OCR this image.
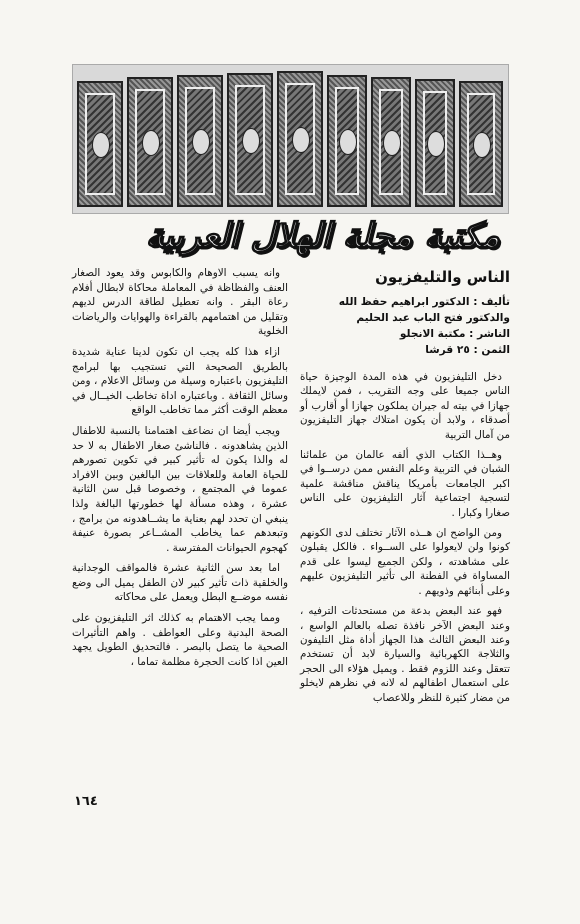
مكتبة مجلة الهلال العربية
الناس والتليفزيون
تأليف : الدكتور ابراهيم حفظ الله
والدكتور فتح الباب عبد الحليم
الناشر : مكتبة الانجلو
الثمن : ٢٥ قرشا

دخل التليفزيون في هذه المدة الوجيزة حياة الناس جميعا على وجه التقريب ، فمن لايملك جهازا في بيته له جيران يملكون جهازا أو أقارب أو أصدقاء ، ولابد أن يكون امتلاك جهاز التليفزيون من آمال التربية

وهــذا الكتاب الذي ألفه عالمان من علمائنا الشبان في التربية وعلم النفس ممن درســوا في اكبر الجامعات بأمريكا يناقش مناقشة علمية لتسجية اجتماعية آثار التليفزيون على الناس صغارا وكبارا .

ومن الواضح ان هــذه الآثار تختلف لدى الكونهم كونوا ولن لايعولوا على الســواء . فالكل يقبلون على مشاهدته ، ولكن الجميع ليسوا على قدم المساواة في الفطنة الى تأثير التليفزيون عليهم وعلى أبنائهم وذويهم .

فهو عند البعض بدعة من مستحدثات الترفيه ، وعند البعض الآخر نافذة تصله بالعالم الواسع ، وعند البعض الثالث هذا الجهاز أداة مثل التليفون والثلاجة الكهربائية والسيارة لابد أن تستخدم تتعقل وعند اللزوم فقط . ويميل هؤلاء الى الحجر على استعمال اطفالهم له لانه في نظرهم لايخلو من مضار كثيرة للنظر وللاعصاب

وانه يسبب الاوهام والكابوس وقد يعود الصغار العنف والفظاظة في المعاملة محاكاة لابطال أفلام رعاة البقر . وانه تعطيل لطاقة الدرس لديهم وتقليل من اهتمامهم بالقراءة والهوايات والرياضات الخلوية

ازاء هذا كله يجب ان تكون لدينا عناية شديدة بالطريق الصحيحة التي تستجيب بها لبرامج التليفزيون باعتباره وسيلة من وسائل الاعلام ، ومن وسائل الثقافة . وباعتباره اداة تخاطب الخيــال في معظم الوقت أكثر مما تخاطب الواقع

ويجب أيضا ان نضاعف اهتمامنا بالنسبة للاطفال الذين يشاهدونه . فالناشئ صغار الاطفال به لا حد له والذا يكون له تأثير كبير في تكوين تصورهم للحياة العامة وللعلاقات بين البالغين وبين الافراد عموما في المجتمع ، وخصوصا قبل سن الثانية عشرة ، وهذه مسألة لها خطورتها البالغة ولذا ينبغي ان تحدد لهم بعناية ما يشــاهدونه من برامج ، وتبعدهم عما يخاطب المشــاعر بصورة عنيفة كهجوم الحيوانات المفترسة .

اما بعد سن الثانية عشرة فالمواقف الوجدانية والخلقية ذات تأثير كبير لان الطفل يميل الى وضع نفسه موضــع البطل ويعمل على محاكاته

ومما يجب الاهتمام به كذلك اثر التليفزيون على الصحة البدنية وعلى العواطف . واهم التأثيرات الصحية ما يتصل بالبصر . فالتحديق الطويل يجهد العين اذا كانت الحجرة مظلمة تماما ،

١٦٤
